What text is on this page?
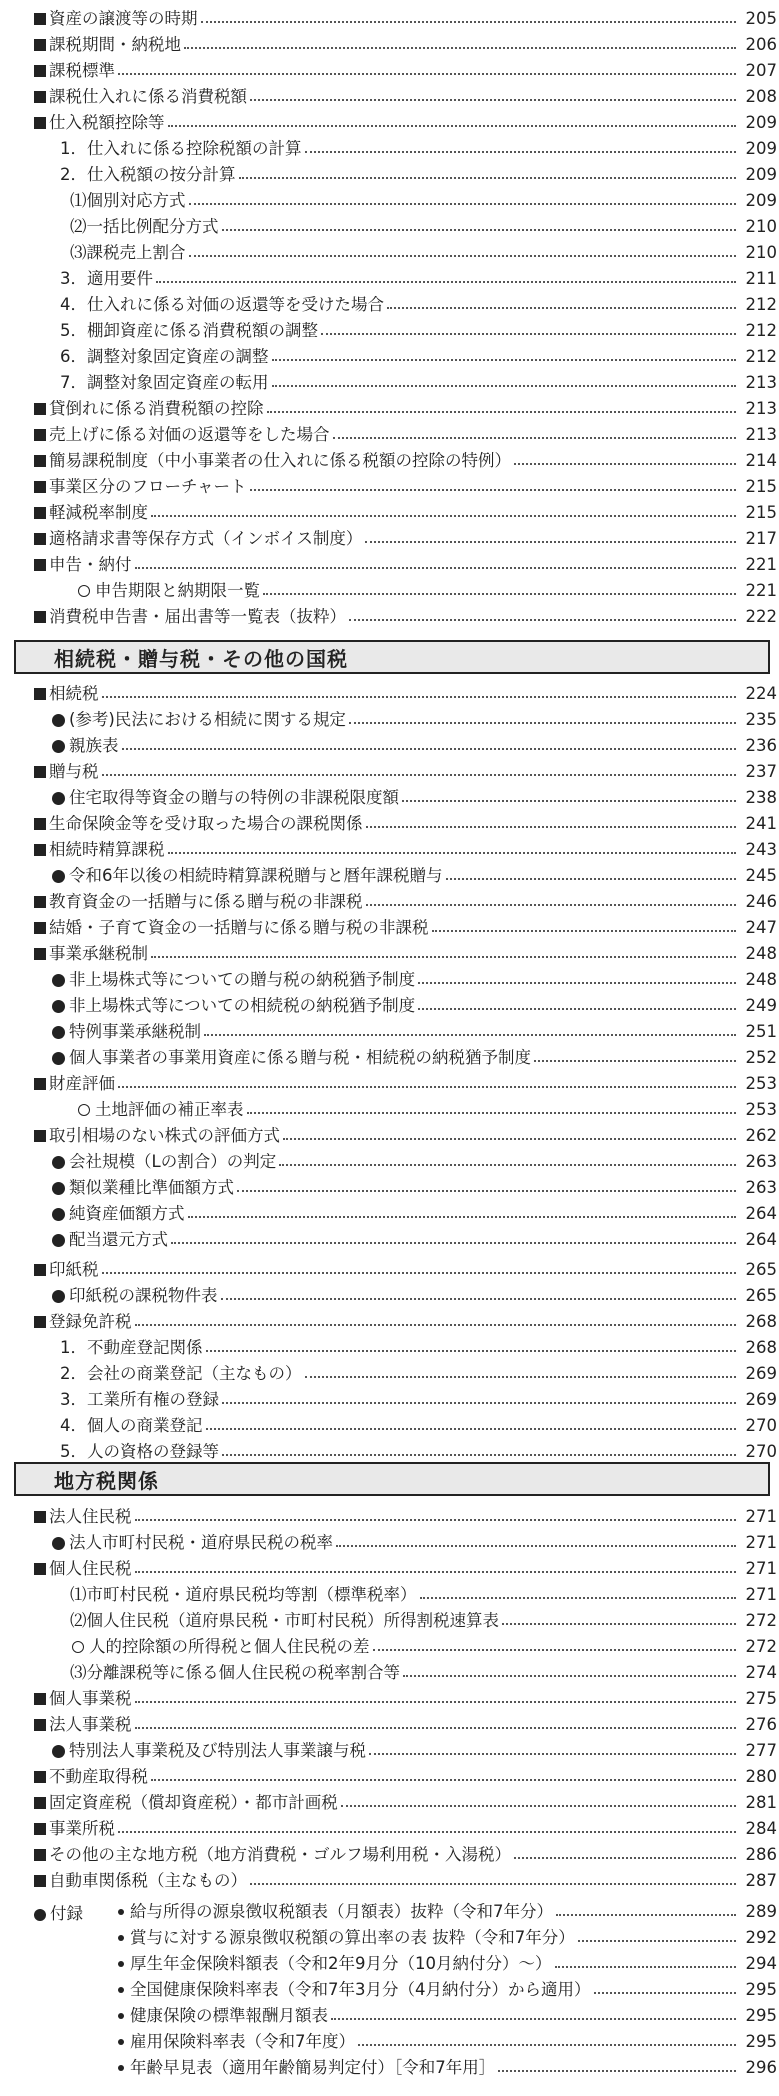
相続税・贈与税・その他の国税
地方税関係
付録
資産の譲渡等の時期	205
課税期間・納税地	206
課税標準	207
課税仕入れに係る消費税額	208
仕入税額控除等	209
1．仕入れに係る控除税額の計算	209
2．仕入税額の按分計算	209
⑴個別対応方式	209
⑵一括比例配分方式	210
⑶課税売上割合	210
3．適用要件	211
4．仕入れに係る対価の返還等を受けた場合	212
5．棚卸資産に係る消費税額の調整	212
6．調整対象固定資産の調整	212
7．調整対象固定資産の転用	213
貸倒れに係る消費税額の控除	213
売上げに係る対価の返還等をした場合	213
簡易課税制度（中小事業者の仕入れに係る税額の控除の特例）	214
事業区分のフローチャート	215
軽減税率制度	215
適格請求書等保存方式（インボイス制度）	217
申告・納付	221
申告期限と納期限一覧	221
消費税申告書・届出書等一覧表（抜粋）	222
相続税	224
(参考)民法における相続に関する規定	235
親族表	236
贈与税	237
住宅取得等資金の贈与の特例の非課税限度額	238
生命保険金等を受け取った場合の課税関係	241
相続時精算課税	243
令和6年以後の相続時精算課税贈与と暦年課税贈与	245
教育資金の一括贈与に係る贈与税の非課税	246
結婚・子育て資金の一括贈与に係る贈与税の非課税	247
事業承継税制	248
非上場株式等についての贈与税の納税猶予制度	248
非上場株式等についての相続税の納税猶予制度	249
特例事業承継税制	251
個人事業者の事業用資産に係る贈与税・相続税の納税猶予制度	252
財産評価	253
土地評価の補正率表	253
取引相場のない株式の評価方式	262
会社規模（Lの割合）の判定	263
類似業種比準価額方式	263
純資産価額方式	264
配当還元方式	264
印紙税	265
印紙税の課税物件表	265
登録免許税	268
1．不動産登記関係	268
2．会社の商業登記（主なもの）	269
3．工業所有権の登録	269
4．個人の商業登記	270
5．人の資格の登録等	270
法人住民税	271
法人市町村民税・道府県民税の税率	271
個人住民税	271
⑴市町村民税・道府県民税均等割（標準税率）	271
⑵個人住民税（道府県民税・市町村民税）所得割税速算表	272
人的控除額の所得税と個人住民税の差	272
⑶分離課税等に係る個人住民税の税率割合等	274
個人事業税	275
法人事業税	276
特別法人事業税及び特別法人事業譲与税	277
不動産取得税	280
固定資産税（償却資産税）・都市計画税	281
事業所税	284
その他の主な地方税（地方消費税・ゴルフ場利用税・入湯税）	286
自動車関係税（主なもの）	287
給与所得の源泉徴収税額表（月額表）抜粋（令和7年分）	289
賞与に対する源泉徴収税額の算出率の表 抜粋（令和7年分）	292
厚生年金保険料額表（令和2年9月分（10月納付分）～）	294
全国健康保険料率表（令和7年3月分（4月納付分）から適用）	295
健康保険の標準報酬月額表	295
雇用保険料率表（令和7年度）	295
年齢早見表（適用年齢簡易判定付）［令和7年用］	296
